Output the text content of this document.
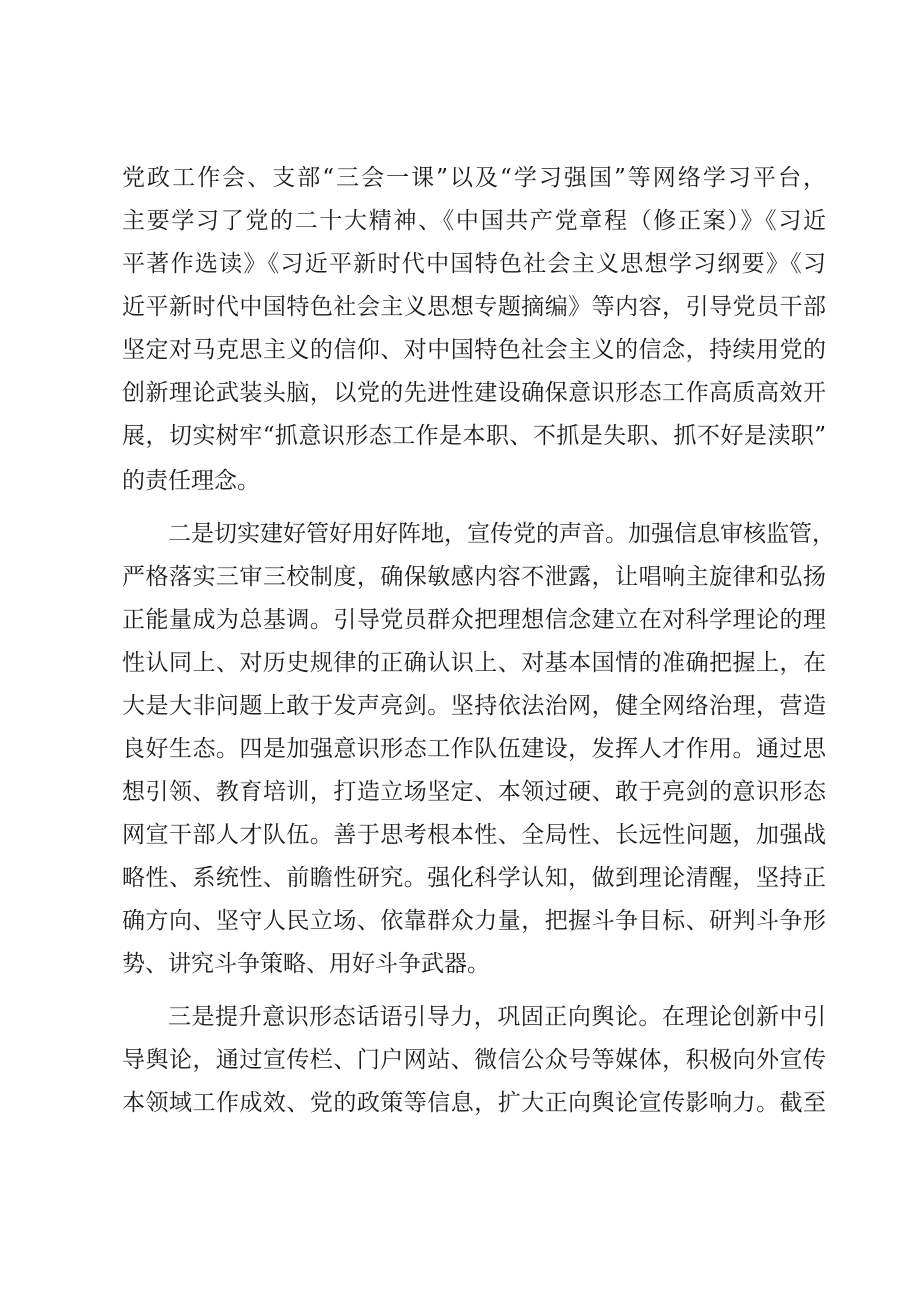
党政工作会、支部“三会一课”以及“学习强国”等网络学习平台，
主要学习了党的二十大精神、《中国共产党章程（修正案）》《习近
平著作选读》《习近平新时代中国特色社会主义思想学习纲要》《习
近平新时代中国特色社会主义思想专题摘编》等内容，引导党员干部
坚定对马克思主义的信仰、对中国特色社会主义的信念，持续用党的
创新理论武装头脑，以党的先进性建设确保意识形态工作高质高效开
展，切实树牢“抓意识形态工作是本职、不抓是失职、抓不好是渎职”
的责任理念。
二是切实建好管好用好阵地，宣传党的声音。加强信息审核监管，
严格落实三审三校制度，确保敏感内容不泄露，让唱响主旋律和弘扬
正能量成为总基调。引导党员群众把理想信念建立在对科学理论的理
性认同上、对历史规律的正确认识上、对基本国情的准确把握上，在
大是大非问题上敢于发声亮剑。坚持依法治网，健全网络治理，营造
良好生态。四是加强意识形态工作队伍建设，发挥人才作用。通过思
想引领、教育培训，打造立场坚定、本领过硬、敢于亮剑的意识形态
网宣干部人才队伍。善于思考根本性、全局性、长远性问题，加强战
略性、系统性、前瞻性研究。强化科学认知，做到理论清醒，坚持正
确方向、坚守人民立场、依靠群众力量，把握斗争目标、研判斗争形
势、讲究斗争策略、用好斗争武器。
三是提升意识形态话语引导力，巩固正向舆论。在理论创新中引
导舆论，通过宣传栏、门户网站、微信公众号等媒体，积极向外宣传
本领域工作成效、党的政策等信息，扩大正向舆论宣传影响力。截至
